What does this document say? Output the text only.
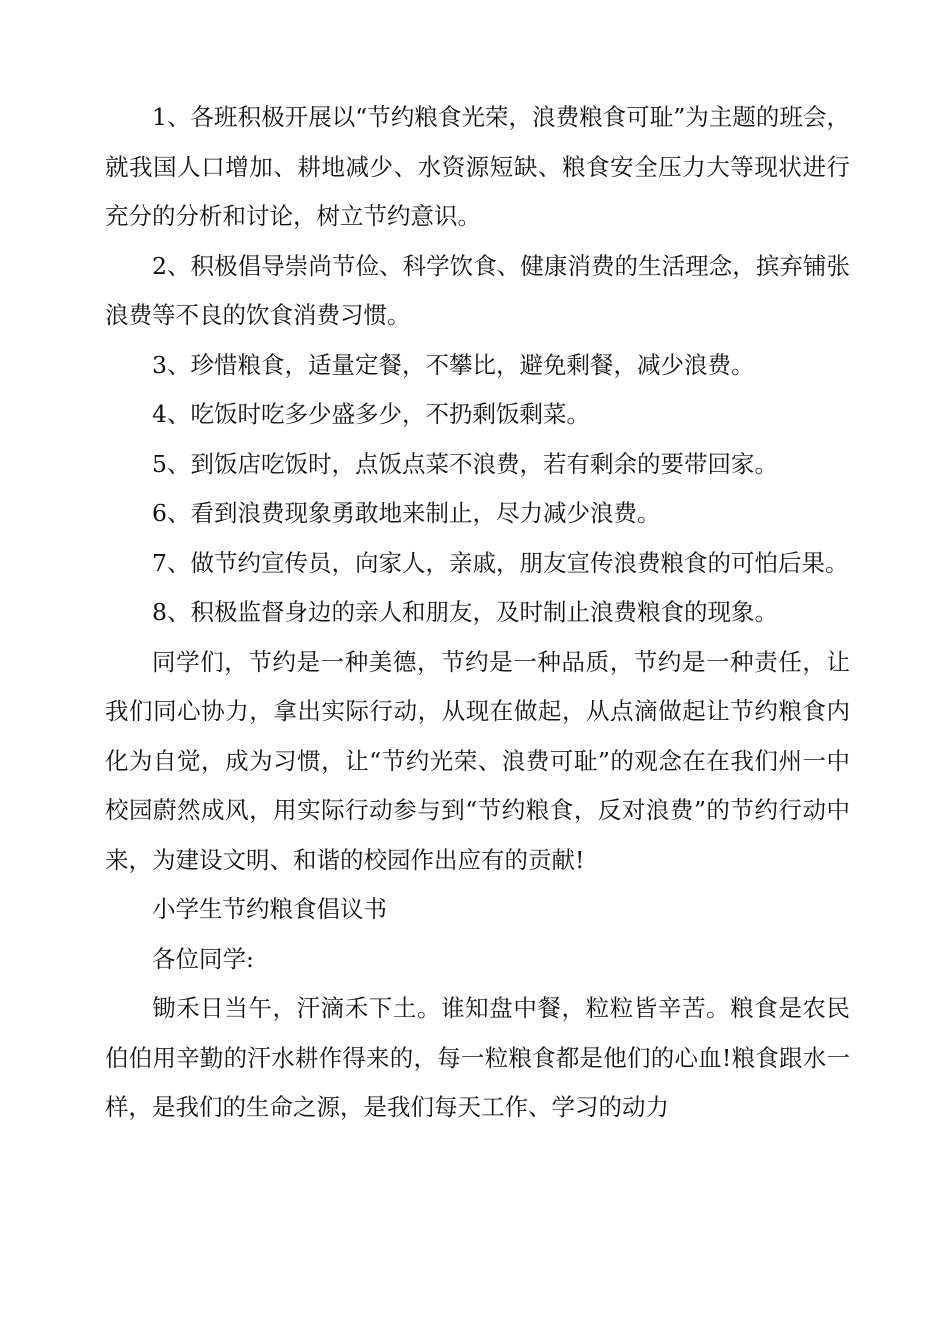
1、各班积极开展以“节约粮食光荣，浪费粮食可耻”为主题的班会，就我国人口增加、耕地减少、水资源短缺、粮食安全压力大等现状进行充分的分析和讨论，树立节约意识。

2、积极倡导崇尚节俭、科学饮食、健康消费的生活理念，摈弃铺张浪费等不良的饮食消费习惯。

3、珍惜粮食，适量定餐，不攀比，避免剩餐，减少浪费。

4、吃饭时吃多少盛多少，不扔剩饭剩菜。

5、到饭店吃饭时，点饭点菜不浪费，若有剩余的要带回家。

6、看到浪费现象勇敢地来制止，尽力减少浪费。

7、做节约宣传员，向家人，亲戚，朋友宣传浪费粮食的可怕后果。

8、积极监督身边的亲人和朋友，及时制止浪费粮食的现象。

同学们，节约是一种美德，节约是一种品质，节约是一种责任，让我们同心协力，拿出实际行动，从现在做起，从点滴做起让节约粮食内化为自觉，成为习惯，让“节约光荣、浪费可耻”的观念在在我们州一中校园蔚然成风，用实际行动参与到“节约粮食，反对浪费”的节约行动中来，为建设文明、和谐的校园作出应有的贡献!

小学生节约粮食倡议书

各位同学:

锄禾日当午，汗滴禾下土。谁知盘中餐，粒粒皆辛苦。粮食是农民伯伯用辛勤的汗水耕作得来的，每一粒粮食都是他们的心血!粮食跟水一样，是我们的生命之源，是我们每天工作、学习的动力
